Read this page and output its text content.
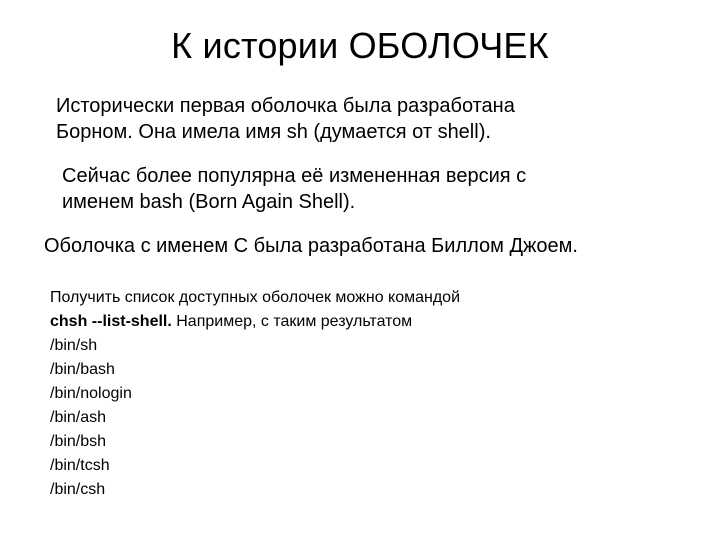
К истории ОБОЛОЧЕК
Исторически первая оболочка была разработана
Борном. Она имела имя sh (думается от shell).
Сейчас более популярна её измененная версия с
именем bash (Born Again Shell).
Оболочка с именем С была разработана Биллом Джоем.
Получить список доступных оболочек можно командой
chsh --list-shell. Например, с таким результатом
/bin/sh
/bin/bash
/bin/nologin
/bin/ash
/bin/bsh
/bin/tcsh
/bin/csh
